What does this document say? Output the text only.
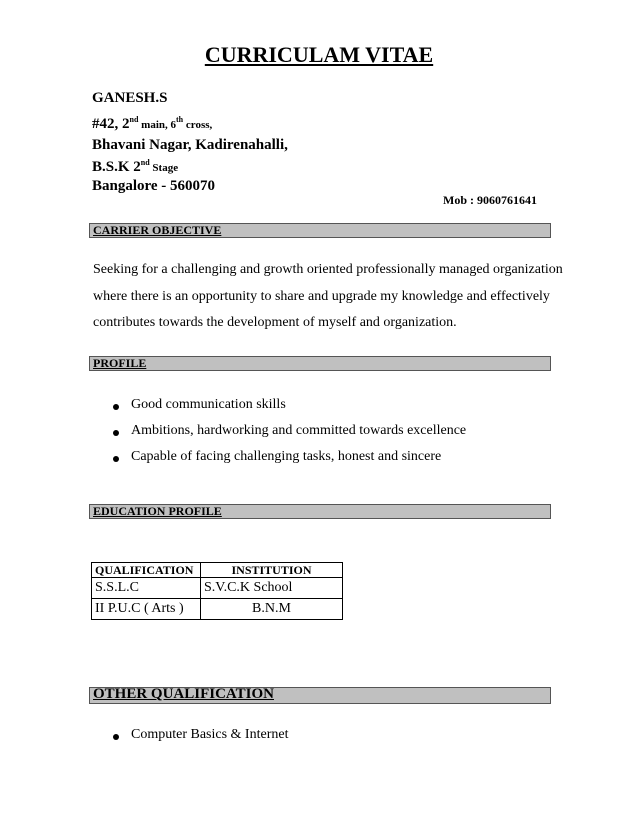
CURRICULAM VITAE
GANESH.S
#42, 2nd main, 6th cross,
Bhavani Nagar, Kadirenahalli,
B.S.K 2nd Stage
Bangalore - 560070
Mob : 9060761641
CARRIER OBJECTIVE
Seeking for a challenging and growth oriented professionally managed organization where there is an opportunity to share and upgrade my knowledge and effectively contributes towards the development of myself and organization.
PROFILE
Good communication skills
Ambitions, hardworking and committed towards excellence
Capable of facing challenging tasks, honest and sincere
EDUCATION PROFILE
QUALIFICATION	INSTITUTION
S.S.L.C	S.V.C.K School
II P.U.C ( Arts )	B.N.M
OTHER QUALIFICATION
Computer Basics & Internet
